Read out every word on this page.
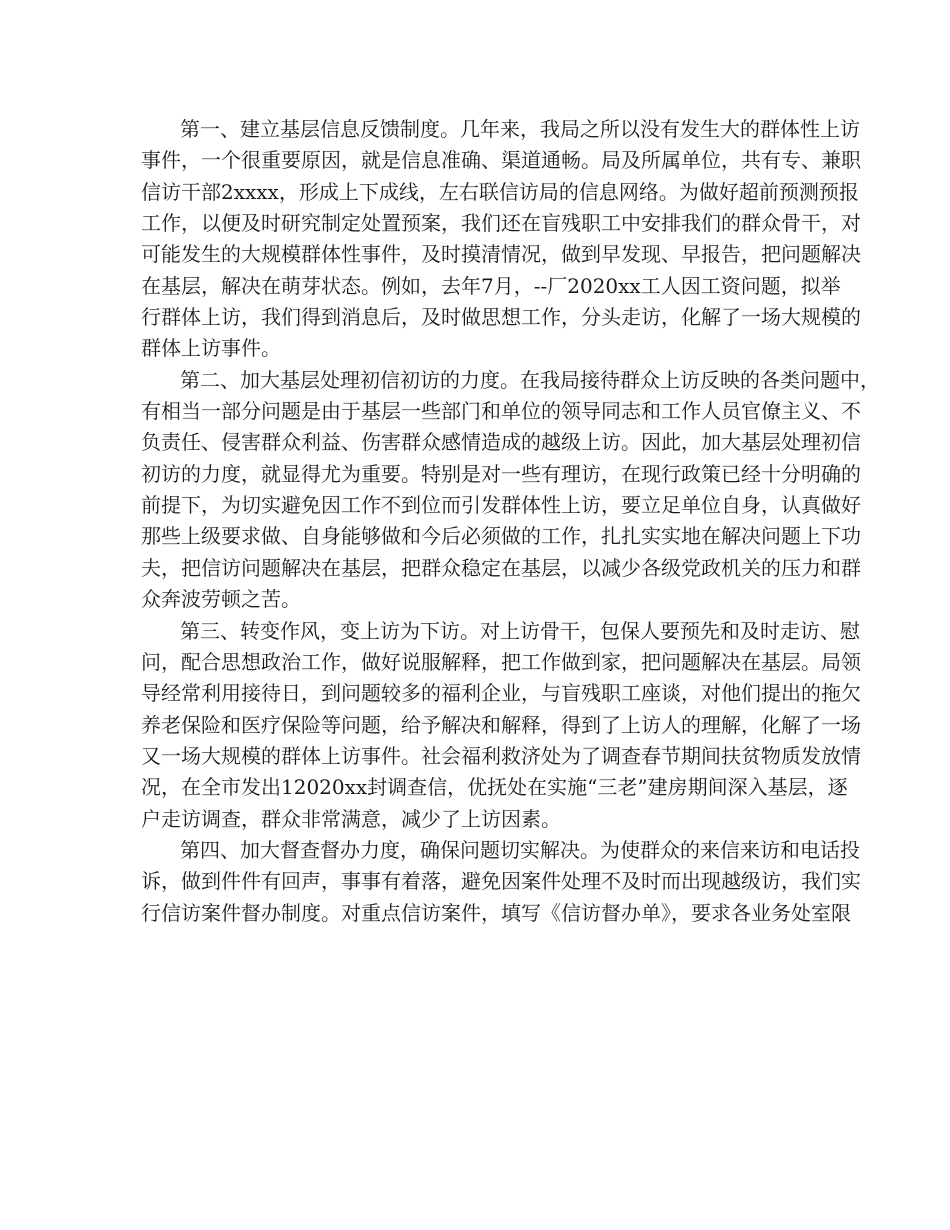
第一、建立基层信息反馈制度。几年来，我局之所以没有发生大的群体性上访
事件，一个很重要原因，就是信息准确、渠道通畅。局及所属单位，共有专、兼职
信访干部2xxxx，形成上下成线，左右联信访局的信息网络。为做好超前预测预报
工作，以便及时研究制定处置预案，我们还在盲残职工中安排我们的群众骨干，对
可能发生的大规模群体性事件，及时摸清情况，做到早发现、早报告，把问题解决
在基层，解决在萌芽状态。例如，去年7月，--厂2020xx工人因工资问题，拟举
行群体上访，我们得到消息后，及时做思想工作，分头走访，化解了一场大规模的
群体上访事件。
第二、加大基层处理初信初访的力度。在我局接待群众上访反映的各类问题中，
有相当一部分问题是由于基层一些部门和单位的领导同志和工作人员官僚主义、不
负责任、侵害群众利益、伤害群众感情造成的越级上访。因此，加大基层处理初信
初访的力度，就显得尤为重要。特别是对一些有理访，在现行政策已经十分明确的
前提下，为切实避免因工作不到位而引发群体性上访，要立足单位自身，认真做好
那些上级要求做、自身能够做和今后必须做的工作，扎扎实实地在解决问题上下功
夫，把信访问题解决在基层，把群众稳定在基层，以减少各级党政机关的压力和群
众奔波劳顿之苦。
第三、转变作风，变上访为下访。对上访骨干，包保人要预先和及时走访、慰
问，配合思想政治工作，做好说服解释，把工作做到家，把问题解决在基层。局领
导经常利用接待日，到问题较多的福利企业，与盲残职工座谈，对他们提出的拖欠
养老保险和医疗保险等问题，给予解决和解释，得到了上访人的理解，化解了一场
又一场大规模的群体上访事件。社会福利救济处为了调查春节期间扶贫物质发放情
况，在全市发出12020xx封调查信，优抚处在实施“三老”建房期间深入基层，逐
户走访调查，群众非常满意，减少了上访因素。
第四、加大督查督办力度，确保问题切实解决。为使群众的来信来访和电话投
诉，做到件件有回声，事事有着落，避免因案件处理不及时而出现越级访，我们实
行信访案件督办制度。对重点信访案件，填写《信访督办单》，要求各业务处室限
